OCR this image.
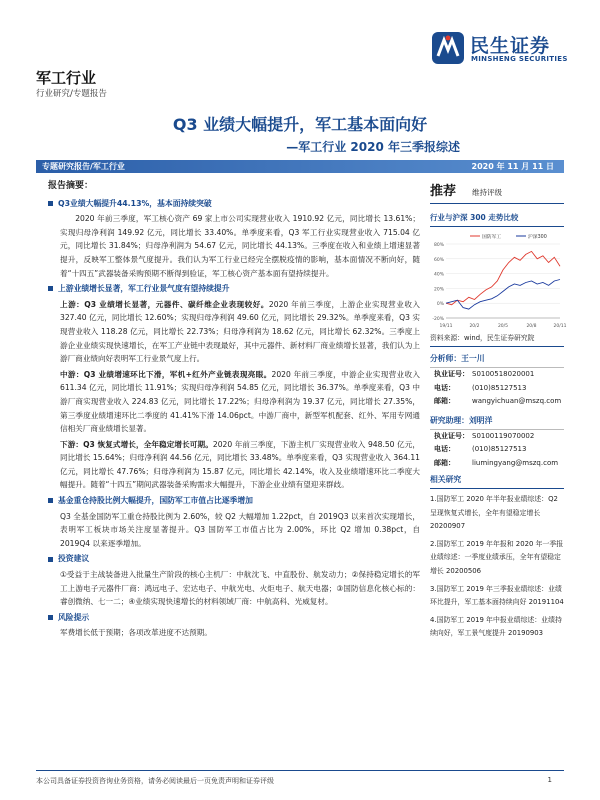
军工行业
行业研究/专题报告
民生证券
MINSHENG SECURITIES
Q3 业绩大幅提升，军工基本面向好
—军工行业 2020 年三季报综述
专题研究报告/军工行业	2020 年 11 月 11 日
报告摘要：
Q3业绩大幅提升44.13%，基本面持续突破
2020 年前三季度，军工核心资产 69 家上市公司实现营业收入 1910.92 亿元，同比增长 13.61%；实现归母净利润 149.92 亿元，同比增长 33.40%。单季度来看，Q3 军工行业实现营业收入 715.04 亿元，同比增长 31.84%；归母净利润为 54.67 亿元，同比增长 44.13%。三季度在收入和业绩上增速显著提升，反映军工整体景气度提升。我们认为军工行业已经完全摆脱疫情的影响，基本面情况不断向好，随着“十四五”武器装备采购预期不断得到验证，军工核心资产基本面有望持续提升。
上游业绩增长显著，军工行业景气度有望持续提升
上游：Q3 业绩增长显著，元器件、碳纤维企业表现较好。2020 年前三季度，上游企业实现营业收入 327.40 亿元，同比增长 12.60%；实现归母净利润 49.60 亿元，同比增长 29.32%。单季度来看，Q3 实现营业收入 118.28 亿元，同比增长 22.73%；归母净利润为 18.62 亿元，同比增长 62.32%。三季度上游企业业绩实现快速增长，在军工产业链中表现最好，其中元器件、新材料厂商业绩增长显著，我们认为上游厂商业绩向好表明军工行业景气度上行。
中游：Q3 业绩增速环比下滑，军机+红外产业链表现亮眼。2020 年前三季度，中游企业实现营业收入 611.34 亿元，同比增长 11.91%；实现归母净利润 54.85 亿元，同比增长 36.37%。单季度来看，Q3 中游厂商实现营业收入 224.83 亿元，同比增长 17.22%；归母净利润为 19.37 亿元，同比增长 27.35%，第三季度业绩增速环比二季度的 41.41%下滑 14.06pct。中游厂商中，新型军机配套、红外、军用专网通信相关厂商业绩增长显著。
下游：Q3 恢复式增长，全年稳定增长可期。2020 年前三季度，下游主机厂实现营业收入 948.50 亿元，同比增长 15.64%；归母净利润 44.56 亿元，同比增长 33.48%。单季度来看，Q3 实现营业收入 364.11 亿元，同比增长 47.76%；归母净利润为 15.87 亿元，同比增长 42.14%，收入及业绩增速环比二季度大幅提升。随着“十四五”期间武器装备采购需求大幅提升，下游企业业绩有望迎来群歧。
基金重仓持股比例大幅提升，国防军工市值占比逐季增加
Q3 全基金国防军工重仓持股比例为 2.60%，较 Q2 大幅增加 1.22pct，自 2019Q3 以来首次实现增长，表明军工板块市场关注度显著提升。Q3 国防军工市值占比为 2.00%，环比 Q2 增加 0.38pct，自 2019Q4 以来逐季增加。
投资建议
①受益于主战装备进入批量生产阶段的核心主机厂：中航沈飞、中直股份、航发动力；②保持稳定增长的军工上游电子元器件厂商：鸿远电子、宏达电子、中航光电、火炬电子、航天电器；③国防信息化核心标的：睿创微纳、七一二；④业绩实现快速增长的材料领域厂商：中航高科、光威复材。
风险提示
军费增长低于预期；各项改革进度不达预期。
推荐 维持评级
行业与沪深 300 走势比较
-20%
0%
20%
40%
60%
80%
19/11	20/2	20/5	20/8	20/11
国防军工	沪深300
资料来源：wind，民生证券研究院
分析师：王一川
执业证号： S0100518020001
电话：	(010)85127513
邮箱：	wangyichuan@mszq.com
研究助理：刘明洋
执业证号： S0100119070002
电话：	(010)85127513
邮箱：	liumingyang@mszq.com
相关研究
1.国防军工 2020 年半年报业绩综述：Q2 呈现恢复式增长，全年有望稳定增长 20200907
2.国防军工 2019 年年报和 2020 年一季报业绩综述：一季度业绩承压，全年有望稳定增长 20200506
3.国防军工 2019 年三季报业绩综述：业绩环比提升，军工基本面持续向好 20191104
4.国防军工 2019 年中报业绩综述：业绩持续向好，军工景气度提升 20190903
本公司具备证券投资咨询业务资格，请务必阅读最后一页免责声明和证券评级	1
